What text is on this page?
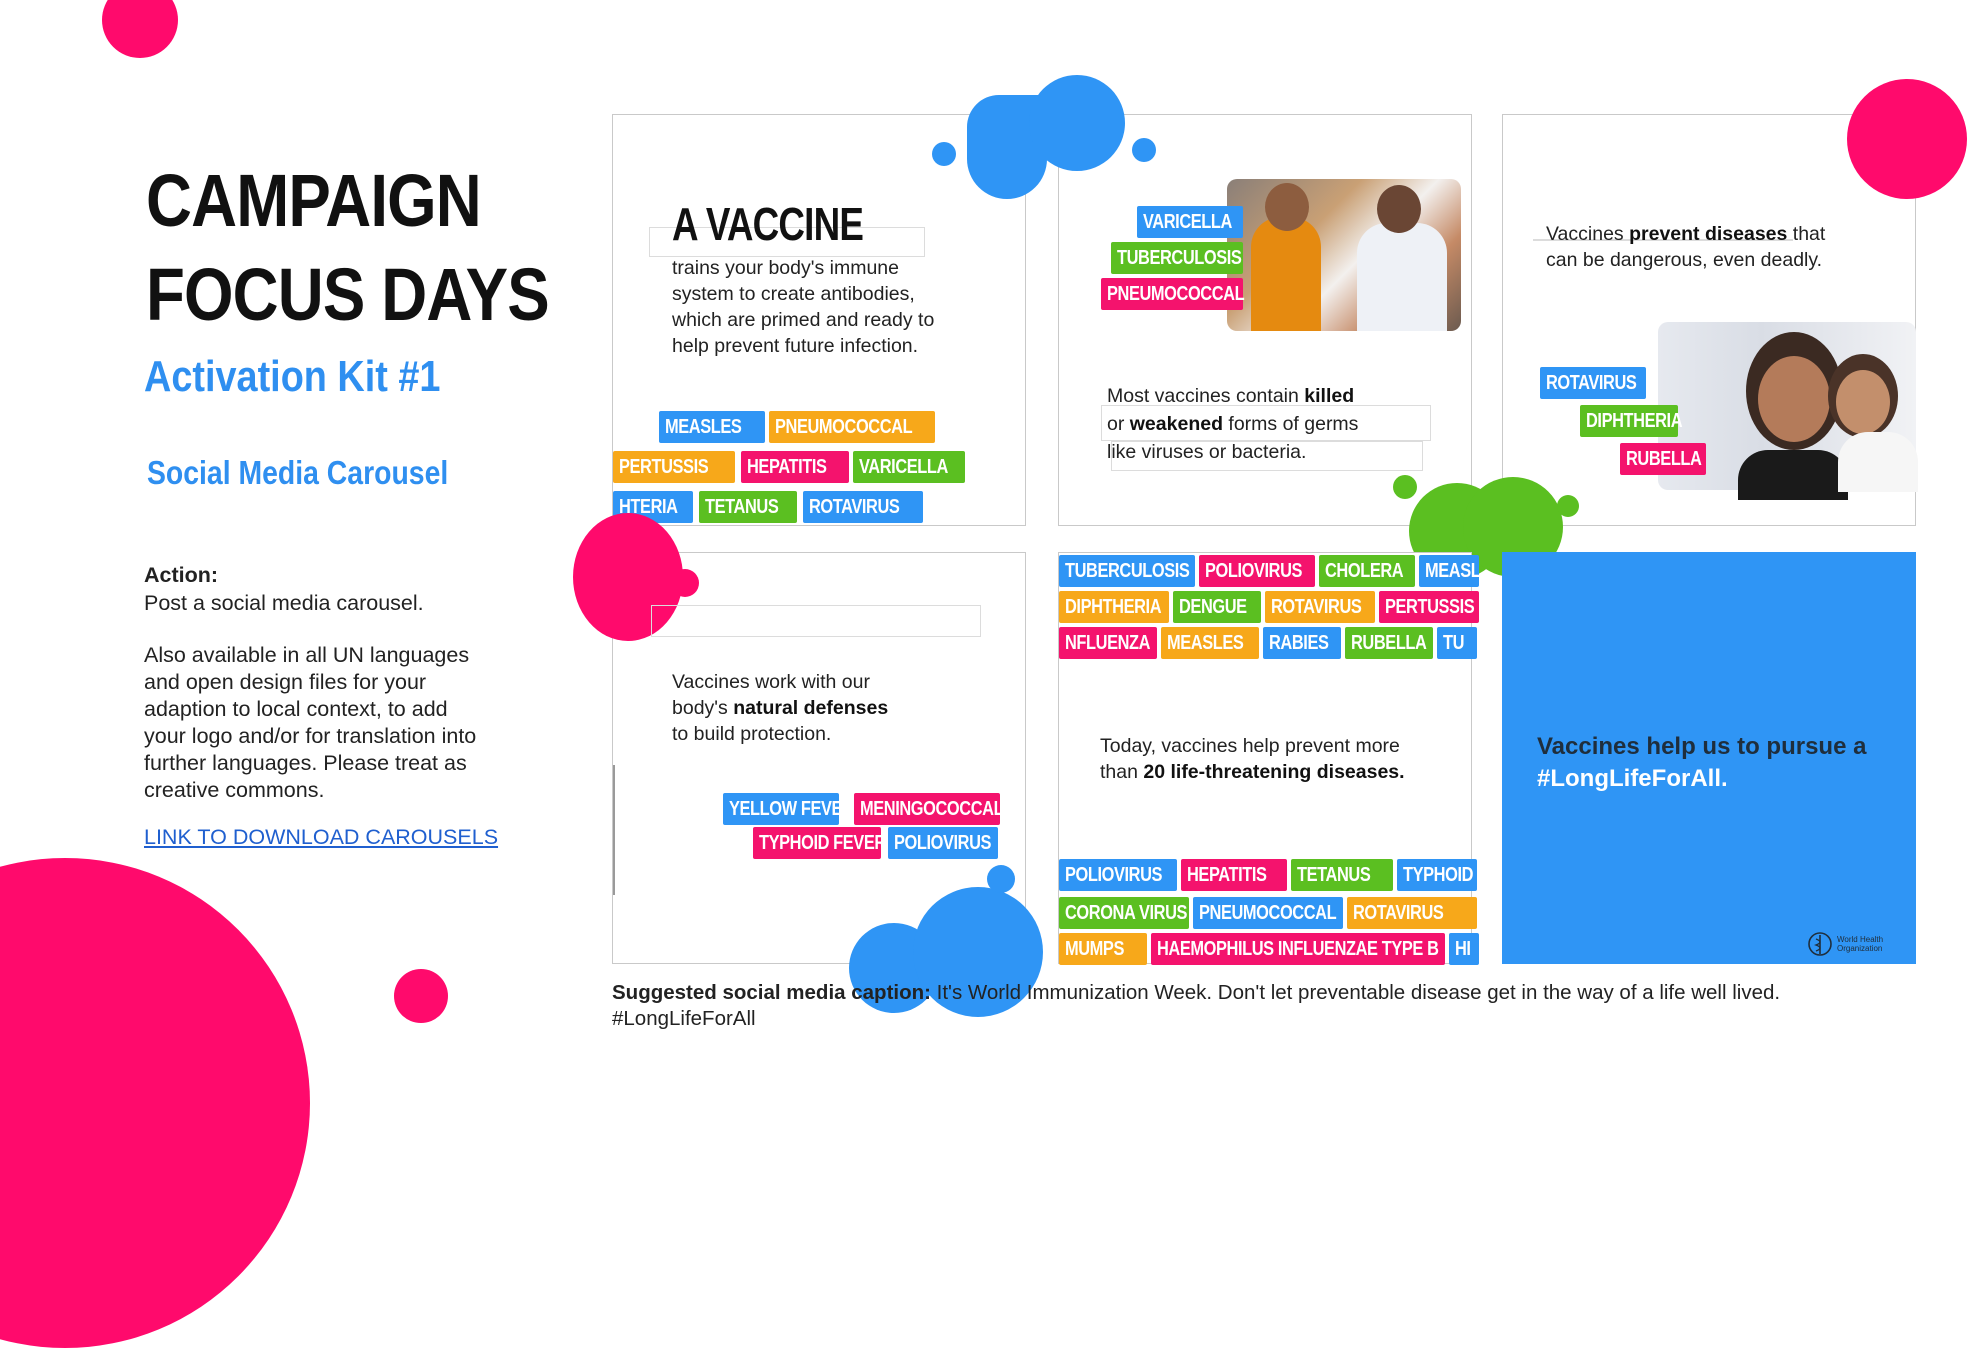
CAMPAIGN
FOCUS DAYS
Activation Kit #1
Social Media Carousel
Action:
Post a social media carousel.
Also available in all UN languages
and open design files for your
adaption to local context, to add
your logo and/or for translation into
further languages. Please treat as
creative commons.
LINK TO DOWNLOAD CAROUSELS
A VACCINE
trains your body's immune
system to create antibodies,
which are primed and ready to
help prevent future infection.
MEASLES	PNEUMOCOCCAL
PERTUSSIS	HEPATITIS	VARICELLA
HTERIA	TETANUS	ROTAVIRUS
VARICELLA
TUBERCULOSIS
PNEUMOCOCCAL
Most vaccines contain killed
or weakened forms of germs
like viruses or bacteria.
Vaccines prevent diseases that
can be dangerous, even deadly.
ROTAVIRUS
DIPHTHERIA
RUBELLA
Vaccines work with our
body's natural defenses
to build protection.
YELLOW FEVER MENINGOCOCCAL
TYPHOID FEVER POLIOVIRUS
TUBERCULOSIS POLIOVIRUS	CHOLERA	MEASL
DIPHTHERIA DENGUE	ROTAVIRUS	PERTUSSIS
NFLUENZA MEASLES	RABIES	RUBELLA TU
Today, vaccines help prevent more
than 20 life-threatening diseases.
POLIOVIRUS	HEPATITIS	TETANUS	TYPHOID
CORONA VIRUS PNEUMOCOCCAL ROTAVIRUS
MUMPS	HAEMOPHILUS INFLUENZAE TYPE B HI
Vaccines help us to pursue a
#LongLifeForAll.
World Health
Organization
Suggested social media caption: It's World Immunization Week. Don't let preventable disease get in the way of a life well lived.
#LongLifeForAll
